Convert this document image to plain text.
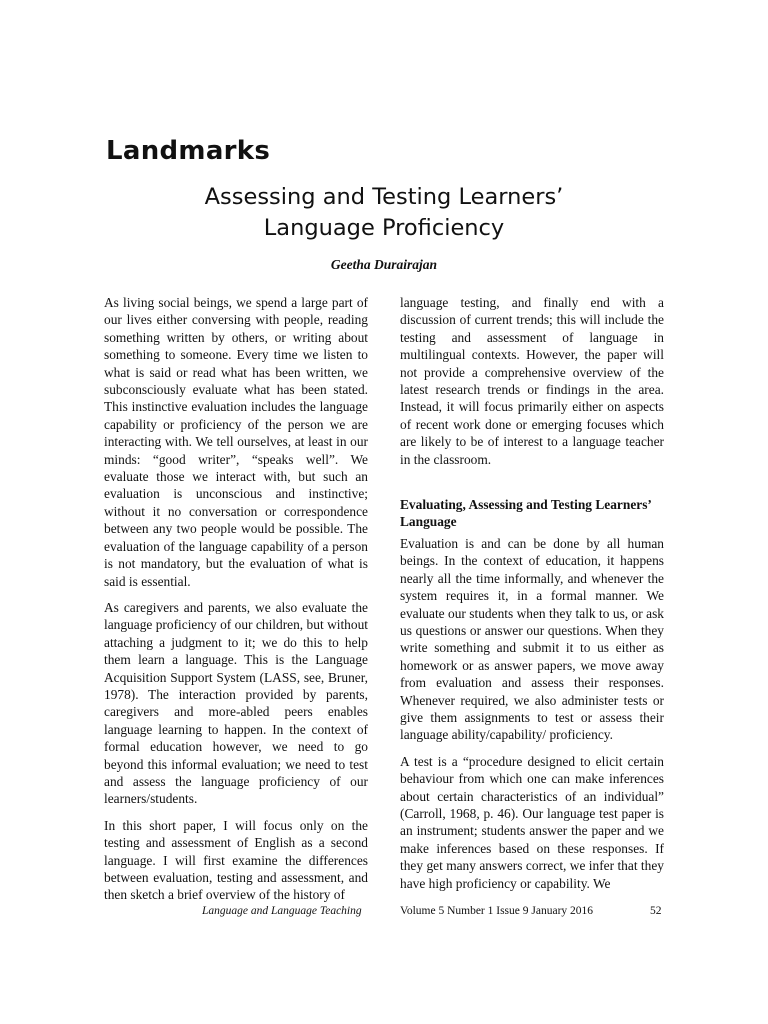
Landmarks
Assessing and Testing Learners’
Language Proficiency

Geetha Durairajan

As living social beings, we spend a large part of our lives either conversing with people, reading something written by others, or writing about something to someone. Every time we listen to what is said or read what has been written, we subconsciously evaluate what has been stated. This instinctive evaluation includes the language capability or proficiency of the person we are interacting with. We tell ourselves, at least in our minds: “good writer”, “speaks well”. We evaluate those we interact with, but such an evaluation is unconscious and instinctive; without it no conversation or correspondence between any two people would be possible. The evaluation of the language capability of a person is not mandatory, but the evaluation of what is said is essential.

As caregivers and parents, we also evaluate the language proficiency of our children, but without attaching a judgment to it; we do this to help them learn a language. This is the Language Acquisition Support System (LASS, see, Bruner, 1978). The interaction provided by parents, caregivers and more-abled peers enables language learning to happen. In the context of formal education however, we need to go beyond this informal evaluation; we need to test and assess the language proficiency of our learners/students.

In this short paper, I will focus only on the testing and assessment of English as a second language. I will first examine the differences between evaluation, testing and assessment, and then sketch a brief overview of the history of

language testing, and finally end with a discussion of current trends; this will include the testing and assessment of language in multilingual contexts. However, the paper will not provide a comprehensive overview of the latest research trends or findings in the area. Instead, it will focus primarily either on aspects of recent work done or emerging focuses which are likely to be of interest to a language teacher in the classroom.

Evaluating, Assessing and Testing Learners’ Language

Evaluation is and can be done by all human beings. In the context of education, it happens nearly all the time informally, and whenever the system requires it, in a formal manner. We evaluate our students when they talk to us, or ask us questions or answer our questions. When they write something and submit it to us either as homework or as answer papers, we move away from evaluation and assess their responses. Whenever required, we also administer tests or give them assignments to test or assess their language ability/capability/ proficiency.

A test is a “procedure designed to elicit certain behaviour from which one can make inferences about certain characteristics of an individual” (Carroll, 1968, p. 46). Our language test paper is an instrument; students answer the paper and we make inferences based on these responses. If they get many answers correct, we infer that they have high proficiency or capability. We

Language and Language Teaching	Volume 5 Number 1 Issue 9 January 2016	52
